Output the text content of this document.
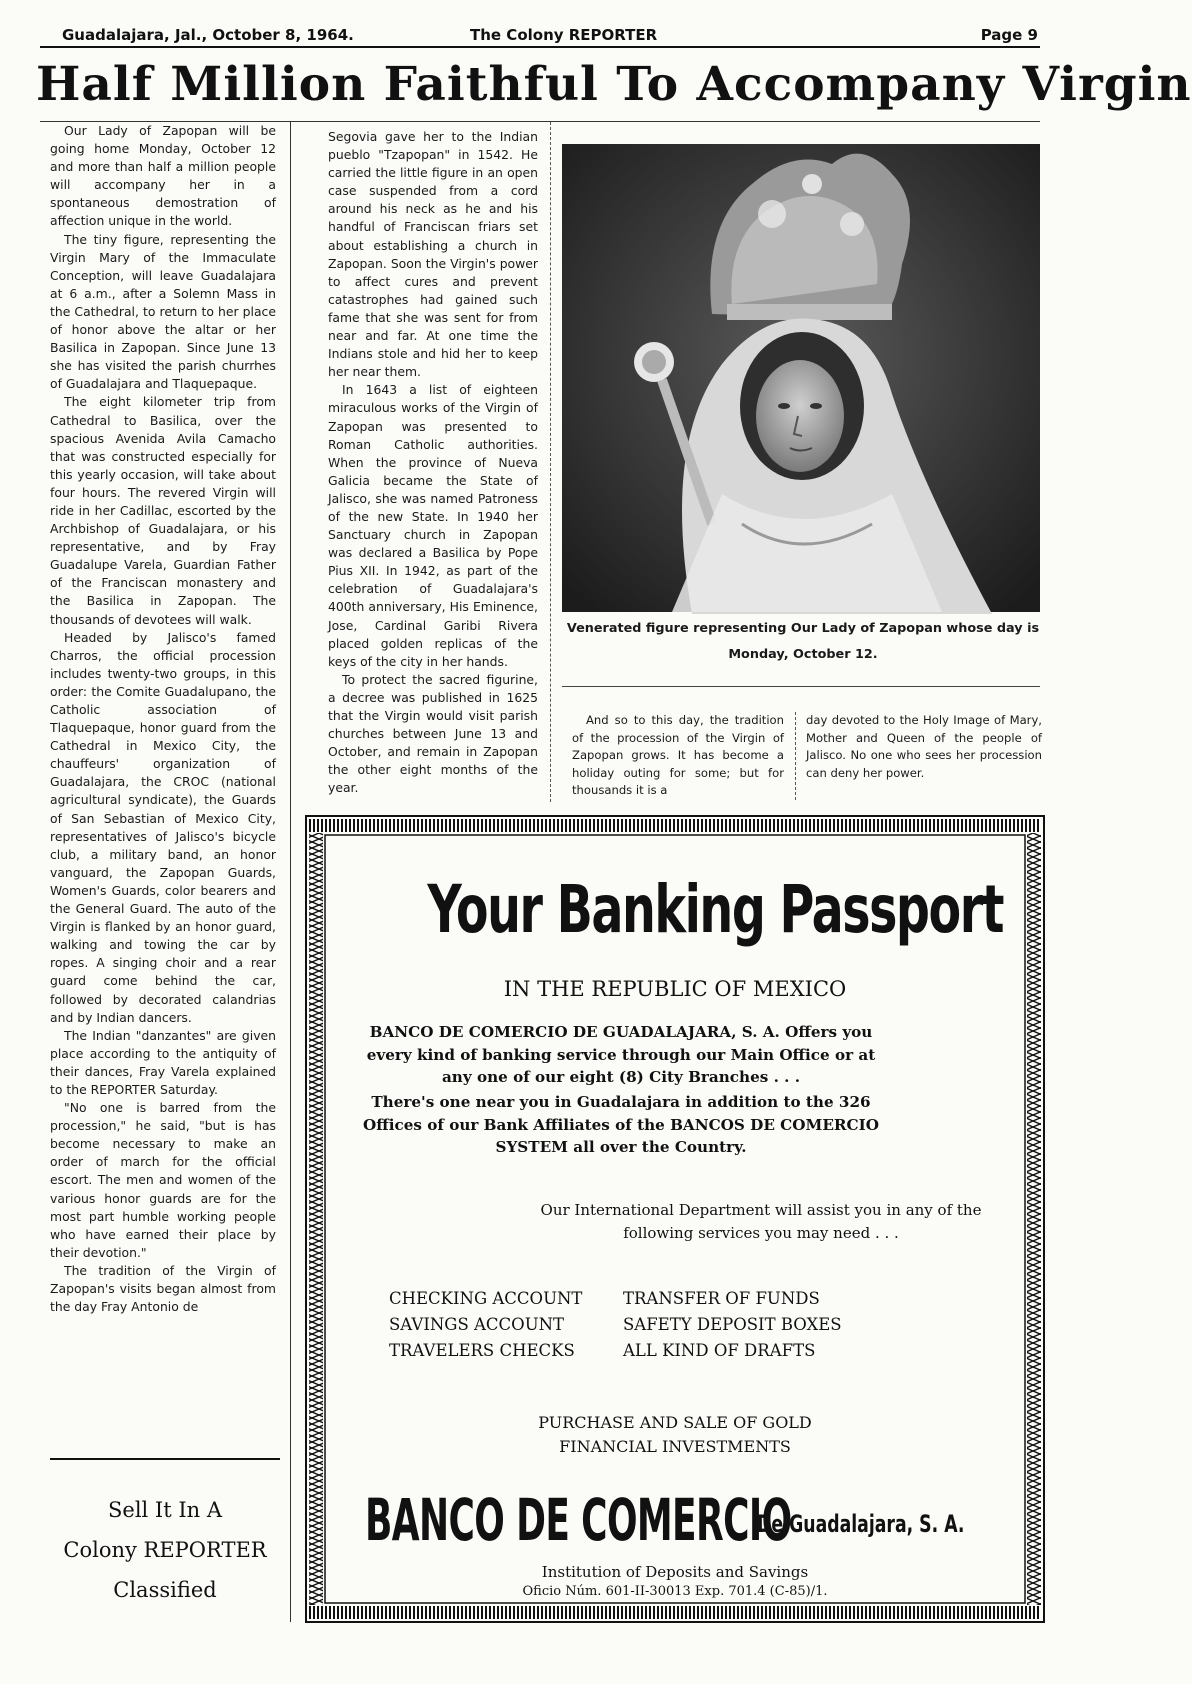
Guadalajara, Jal., October 8, 1964.	The Colony REPORTER	Page 9
Half Million Faithful To Accompany Virgin

Our Lady of Zapopan will be going home Monday, October 12 and more than half a million people will accompany her in a spontaneous demostration of affection unique in the world.

The tiny figure, representing the Virgin Mary of the Immaculate Conception, will leave Guadalajara at 6 a.m., after a Solemn Mass in the Cathedral, to return to her place of honor above the altar or her Basilica in Zapopan. Since June 13 she has visited the parish churrhes of Guadalajara and Tlaquepaque.

The eight kilometer trip from Cathedral to Basilica, over the spacious Avenida Avila Camacho that was constructed especially for this yearly occasion, will take about four hours. The revered Virgin will ride in her Cadillac, escorted by the Archbishop of Guadalajara, or his representative, and by Fray Guadalupe Varela, Guardian Father of the Franciscan monastery and the Basilica in Zapopan. The thousands of devotees will walk.

Headed by Jalisco's famed Charros, the official procession includes twenty-two groups, in this order: the Comite Guadalupano, the Catholic association of Tlaquepaque, honor guard from the Cathedral in Mexico City, the chauffeurs' organization of Guadalajara, the CROC (national agricultural syndicate), the Guards of San Sebastian of Mexico City, representatives of Jalisco's bicycle club, a military band, an honor vanguard, the Zapopan Guards, Women's Guards, color bearers and the General Guard. The auto of the Virgin is flanked by an honor guard, walking and towing the car by ropes. A singing choir and a rear guard come behind the car, followed by decorated calandrias and by Indian dancers.

The Indian "danzantes" are given place according to the antiquity of their dances, Fray Varela explained to the REPORTER Saturday.

"No one is barred from the procession," he said, "but is has become necessary to make an order of march for the official escort. The men and women of the various honor guards are for the most part humble working people who have earned their place by their devotion."

The tradition of the Virgin of Zapopan's visits began almost from the day Fray Antonio de

Segovia gave her to the Indian pueblo "Tzapopan" in 1542. He carried the little figure in an open case suspended from a cord around his neck as he and his handful of Franciscan friars set about establishing a church in Zapopan. Soon the Virgin's power to affect cures and prevent catastrophes had gained such fame that she was sent for from near and far. At one time the Indians stole and hid her to keep her near them.

In 1643 a list of eighteen miraculous works of the Virgin of Zapopan was presented to Roman Catholic authorities. When the province of Nueva Galicia became the State of Jalisco, she was named Patroness of the new State. In 1940 her Sanctuary church in Zapopan was declared a Basilica by Pope Pius XII. In 1942, as part of the celebration of Guadalajara's 400th anniversary, His Eminence, Jose, Cardinal Garibi Rivera placed golden replicas of the keys of the city in her hands.

To protect the sacred figurine, a decree was published in 1625 that the Virgin would visit parish churches between June 13 and October, and remain in Zapopan the other eight months of the year.

Venerated figure representing Our Lady of Zapopan whose day is Monday, October 12.

And so to this day, the tradition of the procession of the Virgin of Zapopan grows. It has become a holiday outing for some; but for thousands it is a

day devoted to the Holy Image of Mary, Mother and Queen of the people of Jalisco. No one who sees her procession can deny her power.

Sell It In A
Colony REPORTER
Classified
Your Banking Passport
IN THE REPUBLIC OF MEXICO
BANCO DE COMERCIO DE GUADALAJARA, S. A. Offers you every kind of banking service through our Main Office or at any one of our eight (8) City Branches . . .
There's one near you in Guadalajara in addition to the 326 Offices of our Bank Affiliates of the BANCOS DE COMERCIO SYSTEM all over the Country.
Our International Department will assist you in any of the following services you may need . . .
CHECKING ACCOUNT
SAVINGS ACCOUNT
TRAVELERS CHECKS
TRANSFER OF FUNDS
SAFETY DEPOSIT BOXES
ALL KIND OF DRAFTS
PURCHASE AND SALE OF GOLD
FINANCIAL INVESTMENTS
BANCO DE COMERCIO
De Guadalajara, S. A.
Institution of Deposits and Savings
Oficio Núm. 601-II-30013 Exp. 701.4 (C-85)/1.
